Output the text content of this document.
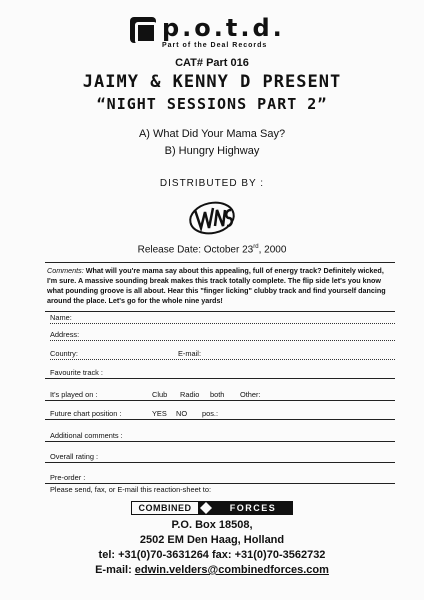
p.o.t.d.
Part of the Deal Records
CAT# Part 016
JAIMY & KENNY D PRESENT
“NIGHT SESSIONS PART 2”
A) What Did Your Mama Say?
B) Hungry Highway
DISTRIBUTED BY :
Release Date: October 23rd, 2000
Comments: What will you're mama say about this appealing, full of energy track? Definitely wicked, I'm sure. A massive sounding break makes this track totally complete. The flip side let's you know what pounding groove is all about. Hear this "finger licking" clubby track and find yourself dancing around the place. Let's go for the whole nine yards!
Name:
Address:
Country:	E-mail:
Favourite track :
It's played on :	Club Radio both Other:
Future chart position :	YES NO pos.:
Additional comments :
Overall rating :
Pre-order :
Please send, fax, or E-mail this reaction-sheet to:
COMBINED	FORCES
P.O. Box 18508,
2502 EM Den Haag, Holland
tel: +31(0)70-3631264 fax: +31(0)70-3562732
E-mail: edwin.velders@combinedforces.com
